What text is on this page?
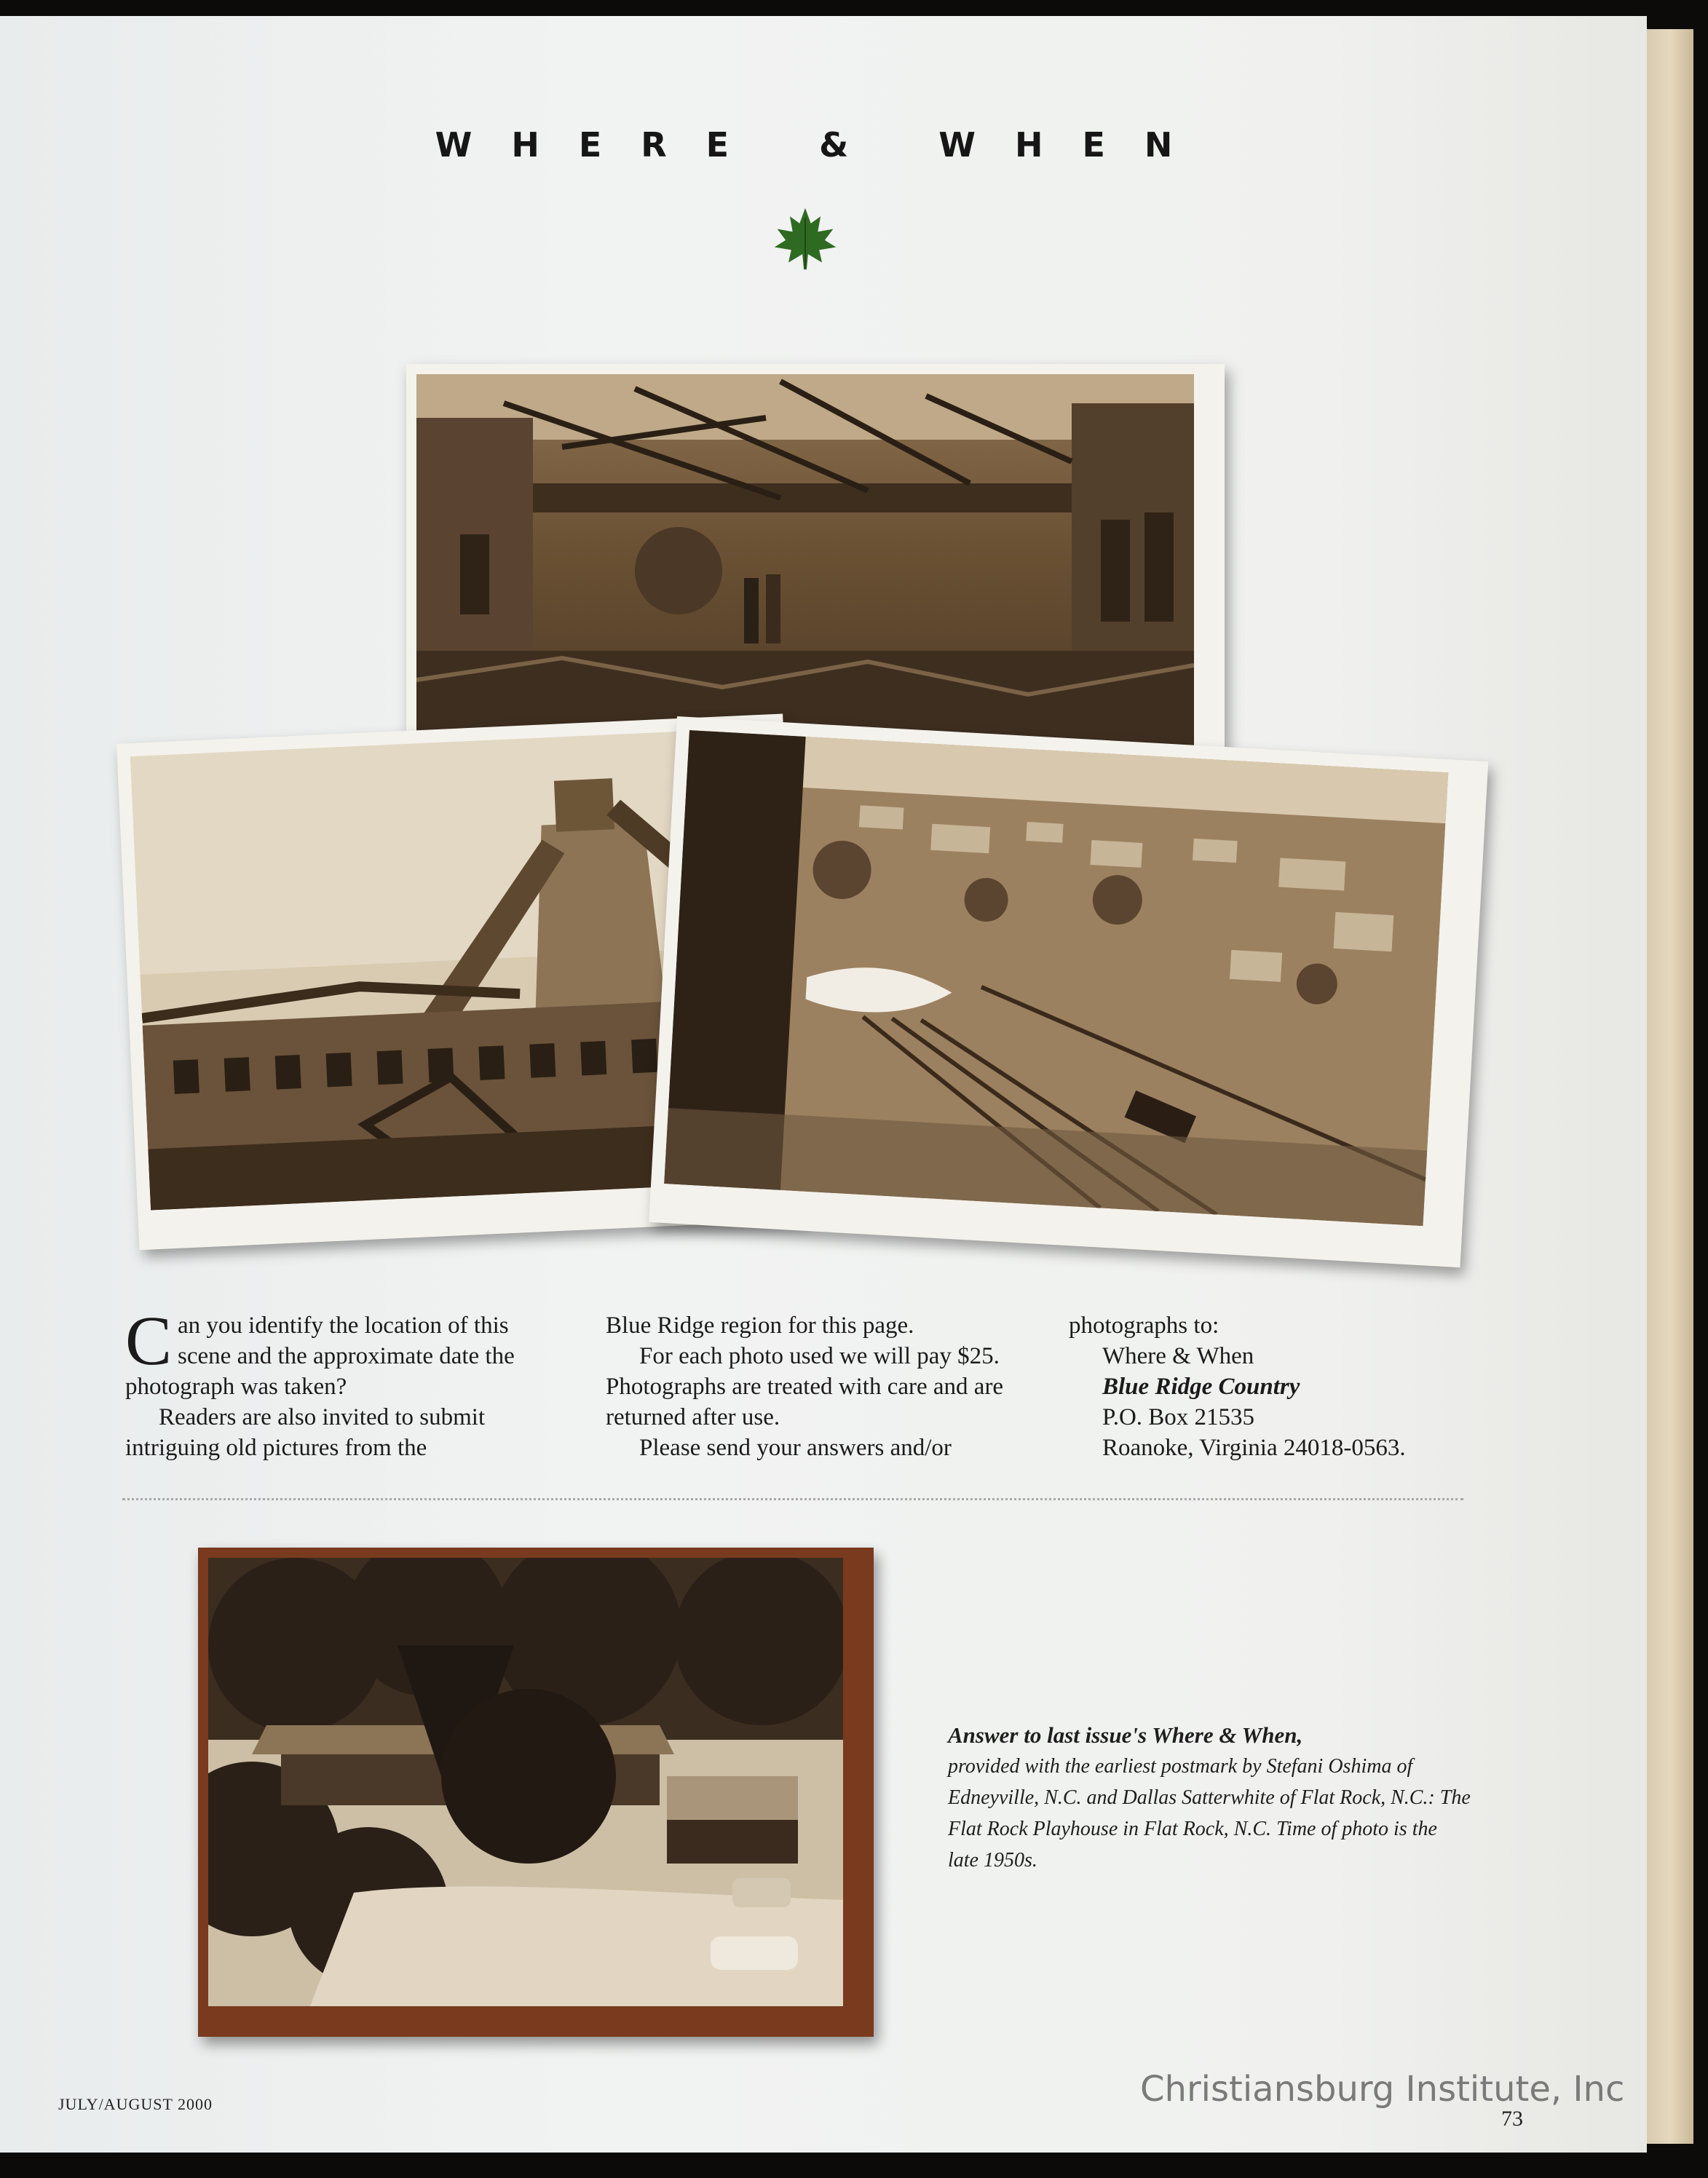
WHERE & WHEN

C an you identify the location of this scene and the approximate date the photograph was taken?

Readers are also invited to submit intriguing old pictures from the

Blue Ridge region for this page.

For each photo used we will pay $25. Photographs are treated with care and are returned after use.

Please send your answers and/or

photographs to:

Where & When

Blue Ridge Country

P.O. Box 21535

Roanoke, Virginia 24018-0563.

Answer to last issue's Where & When,
provided with the earliest postmark by Stefani Oshima of Edneyville, N.C. and Dallas Satterwhite of Flat Rock, N.C.: The Flat Rock Playhouse in Flat Rock, N.C. Time of photo is the late 1950s.
JULY/AUGUST 2000
73
Christiansburg Institute, Inc
